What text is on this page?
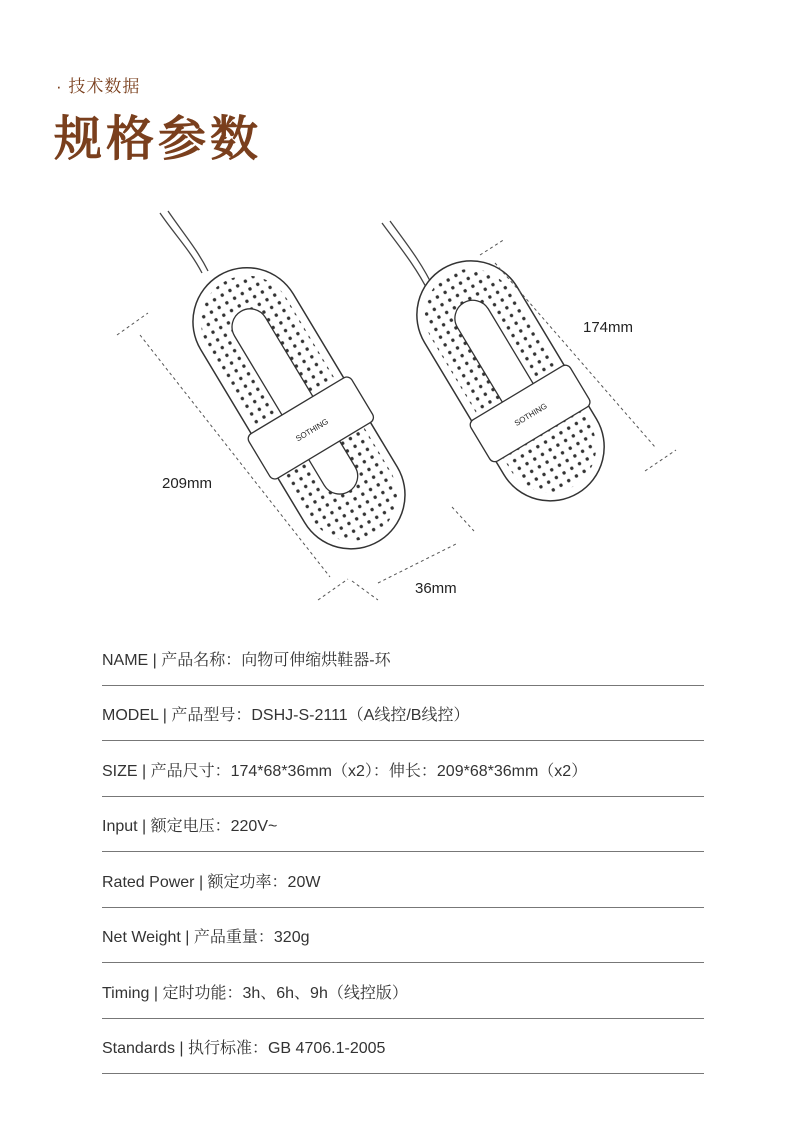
· 技术数据
规格参数
SOTHING
SOTHING
174mm
209mm
36mm
NAME | 产品名称：向物可伸缩烘鞋器-环
MODEL | 产品型号：DSHJ-S-2111（A线控/B线控）
SIZE | 产品尺寸：174*68*36mm（x2）：伸长：209*68*36mm（x2）
Input | 额定电压：220V~
Rated Power | 额定功率：20W
Net Weight | 产品重量：320g
Timing | 定时功能：3h、6h、9h（线控版）
Standards | 执行标准：GB 4706.1-2005
